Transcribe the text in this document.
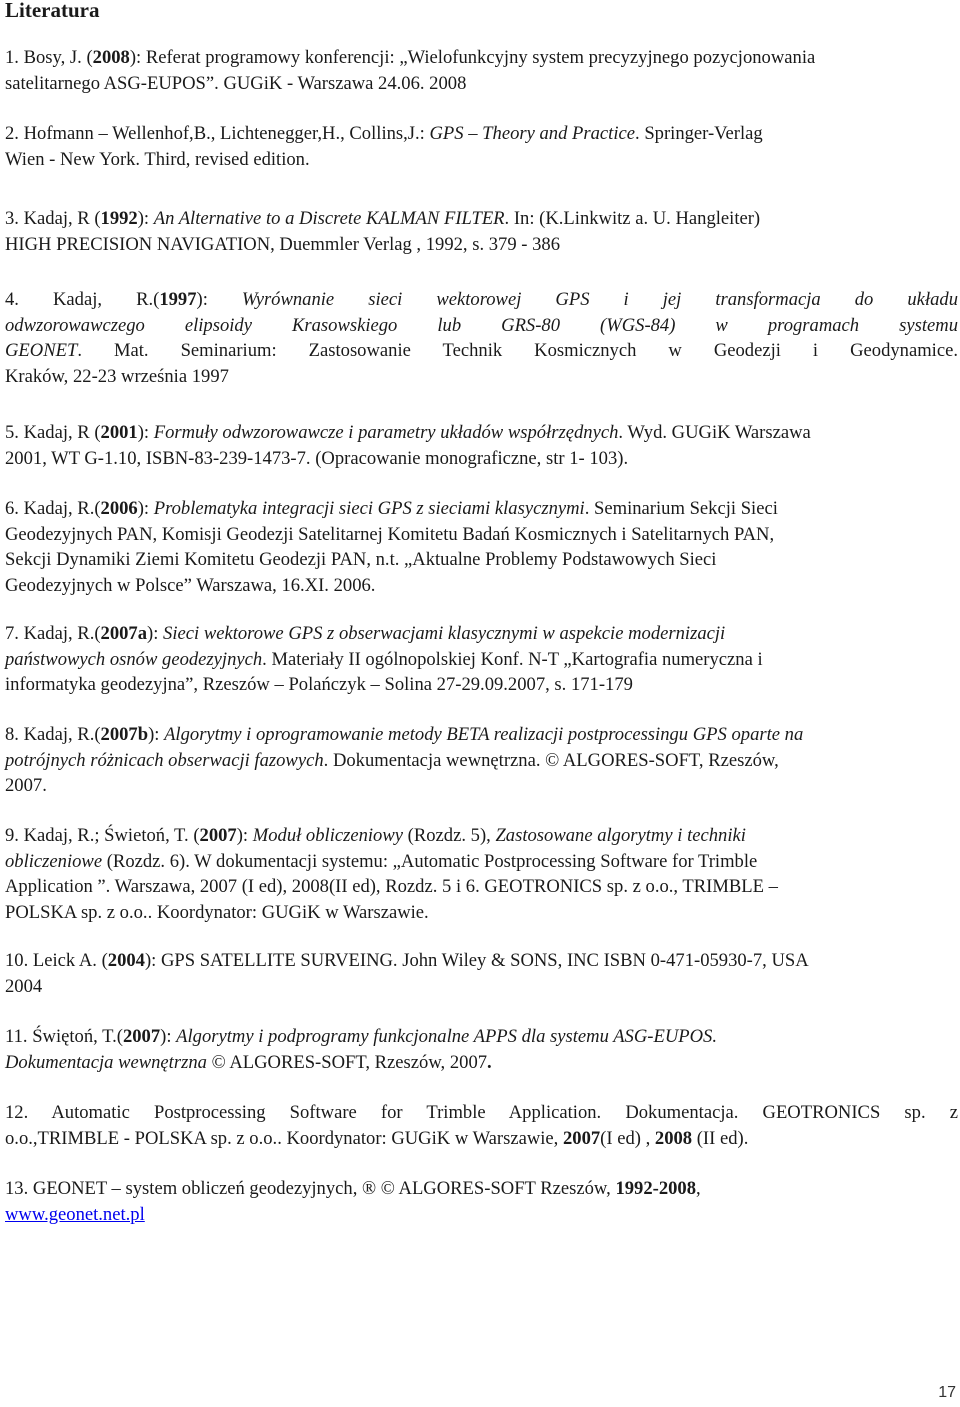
Literatura
1. Bosy, J. (2008): Referat programowy konferencji: „Wielofunkcyjny system precyzyjnego pozycjonowania
satelitarnego ASG-EUPOS”. GUGiK - Warszawa 24.06. 2008
2. Hofmann – Wellenhof,B., Lichtenegger,H., Collins,J.: GPS – Theory and Practice. Springer-Verlag
Wien - New York. Third, revised edition.
3. Kadaj, R (1992): An Alternative to a Discrete KALMAN FILTER. In: (K.Linkwitz a. U. Hangleiter)
HIGH PRECISION NAVIGATION, Duemmler Verlag , 1992, s. 379 - 386
4. Kadaj, R.(1997): Wyrównanie sieci wektorowej GPS i jej transformacja do układu
odwzorowawczego elipsoidy Krasowskiego lub GRS-80 (WGS-84) w programach systemu
GEONET. Mat. Seminarium: Zastosowanie Technik Kosmicznych w Geodezji i Geodynamice.
Kraków, 22-23 września 1997
5. Kadaj, R (2001): Formuły odwzorowawcze i parametry układów współrzędnych. Wyd. GUGiK Warszawa
2001, WT G-1.10, ISBN-83-239-1473-7. (Opracowanie monograficzne, str 1- 103).
6. Kadaj, R.(2006): Problematyka integracji sieci GPS z sieciami klasycznymi. Seminarium Sekcji Sieci
Geodezyjnych PAN, Komisji Geodezji Satelitarnej Komitetu Badań Kosmicznych i Satelitarnych PAN,
Sekcji Dynamiki Ziemi Komitetu Geodezji PAN, n.t. „Aktualne Problemy Podstawowych Sieci
Geodezyjnych w Polsce” Warszawa, 16.XI. 2006.
7. Kadaj, R.(2007a): Sieci wektorowe GPS z obserwacjami klasycznymi w aspekcie modernizacji
państwowych osnów geodezyjnych. Materiały II ogólnopolskiej Konf. N-T „Kartografia numeryczna i
informatyka geodezyjna”, Rzeszów – Polańczyk – Solina 27-29.09.2007, s. 171-179
8. Kadaj, R.(2007b): Algorytmy i oprogramowanie metody BETA realizacji postprocessingu GPS oparte na
potrójnych różnicach obserwacji fazowych. Dokumentacja wewnętrzna. © ALGORES-SOFT, Rzeszów,
2007.
9. Kadaj, R.; Świetoń, T. (2007): Moduł obliczeniowy (Rozdz. 5), Zastosowane algorytmy i techniki
obliczeniowe (Rozdz. 6). W dokumentacji systemu: „Automatic Postprocessing Software for Trimble
Application ”. Warszawa, 2007 (I ed), 2008(II ed), Rozdz. 5 i 6. GEOTRONICS sp. z o.o., TRIMBLE –
POLSKA sp. z o.o.. Koordynator: GUGiK w Warszawie.
10. Leick A. (2004): GPS SATELLITE SURVEING. John Wiley & SONS, INC ISBN 0-471-05930-7, USA
2004
11. Świętoń, T.(2007): Algorytmy i podprogramy funkcjonalne APPS dla systemu ASG-EUPOS.
Dokumentacja wewnętrzna © ALGORES-SOFT, Rzeszów, 2007.
12. Automatic Postprocessing Software for Trimble Application. Dokumentacja. GEOTRONICS sp. z
o.o.,TRIMBLE - POLSKA sp. z o.o.. Koordynator: GUGiK w Warszawie, 2007(I ed) , 2008 (II ed).
13. GEONET – system obliczeń geodezyjnych, ® © ALGORES-SOFT Rzeszów, 1992-2008,
www.geonet.net.pl
17
